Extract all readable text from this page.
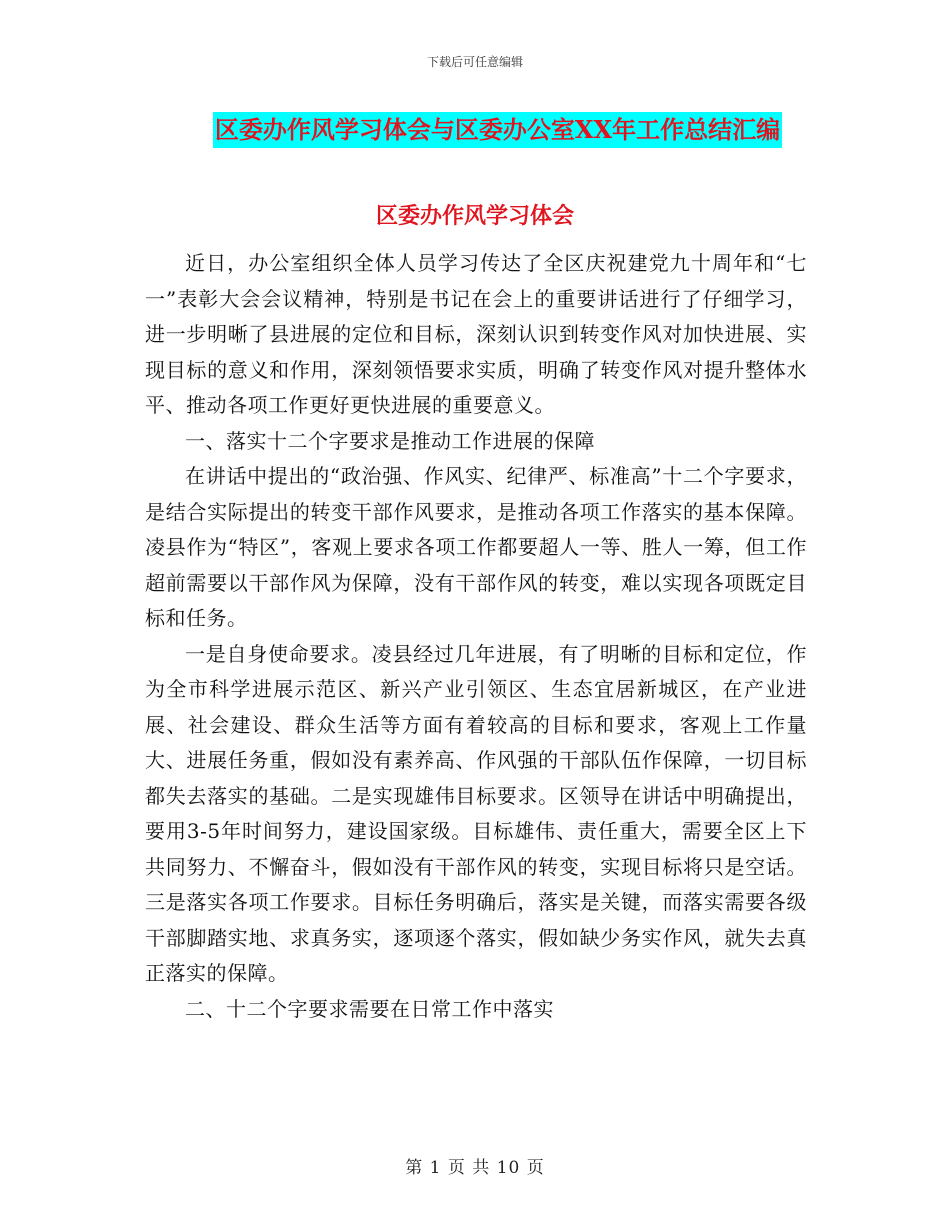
下载后可任意编辑
区委办作风学习体会与区委办公室XX年工作总结汇编
区委办作风学习体会

近日，办公室组织全体人员学习传达了全区庆祝建党九十周年和“七一”表彰大会会议精神，特别是书记在会上的重要讲话进行了仔细学习，进一步明晰了县进展的定位和目标，深刻认识到转变作风对加快进展、实现目标的意义和作用，深刻领悟要求实质，明确了转变作风对提升整体水平、推动各项工作更好更快进展的重要意义。

一、落实十二个字要求是推动工作进展的保障

在讲话中提出的“政治强、作风实、纪律严、标准高”十二个字要求，是结合实际提出的转变干部作风要求，是推动各项工作落实的基本保障。凌县作为“特区”，客观上要求各项工作都要超人一等、胜人一筹，但工作超前需要以干部作风为保障，没有干部作风的转变，难以实现各项既定目标和任务。

一是自身使命要求。凌县经过几年进展，有了明晰的目标和定位，作为全市科学进展示范区、新兴产业引领区、生态宜居新城区，在产业进展、社会建设、群众生活等方面有着较高的目标和要求，客观上工作量大、进展任务重，假如没有素养高、作风强的干部队伍作保障，一切目标都失去落实的基础。二是实现雄伟目标要求。区领导在讲话中明确提出，要用3-5年时间努力，建设国家级。目标雄伟、责任重大，需要全区上下共同努力、不懈奋斗，假如没有干部作风的转变，实现目标将只是空话。三是落实各项工作要求。目标任务明确后，落实是关键，而落实需要各级干部脚踏实地、求真务实，逐项逐个落实，假如缺少务实作风，就失去真正落实的保障。

二、十二个字要求需要在日常工作中落实

第 1 页 共 10 页
